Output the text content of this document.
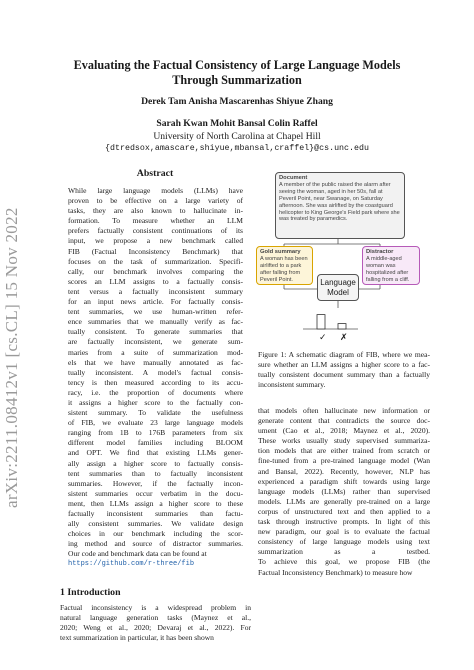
arXiv:2211.08412v1 [cs.CL] 15 Nov 2022
Evaluating the Factual Consistency of Large Language Models
Through Summarization
Derek Tam Anisha Mascarenhas Shiyue Zhang
Sarah Kwan Mohit Bansal Colin Raffel
University of North Carolina at Chapel Hill
{dtredsox,amascare,shiyue,mbansal,craffel}@cs.unc.edu
Abstract
While large language models (LLMs) have
proven to be effective on a large variety of
tasks, they are also known to hallucinate in-
formation. To measure whether an LLM
prefers factually consistent continuations of its
input, we propose a new benchmark called
FIB (Factual Inconsistency Benchmark) that
focuses on the task of summarization. Specifi-
cally, our benchmark involves comparing the
scores an LLM assigns to a factually consis-
tent versus a factually inconsistent summary
for an input news article. For factually consis-
tent summaries, we use human-written refer-
ence summaries that we manually verify as fac-
tually consistent. To generate summaries that
are factually inconsistent, we generate sum-
maries from a suite of summarization mod-
els that we have manually annotated as fac-
tually inconsistent. A model's factual consis-
tency is then measured according to its accu-
racy, i.e. the proportion of documents where
it assigns a higher score to the factually con-
sistent summary. To validate the usefulness
of FIB, we evaluate 23 large language models
ranging from 1B to 176B parameters from six
different model families including BLOOM
and OPT. We find that existing LLMs gener-
ally assign a higher score to factually consis-
tent summaries than to factually inconsistent
summaries. However, if the factually incon-
sistent summaries occur verbatim in the docu-
ment, then LLMs assign a higher score to these
factually inconsistent summaries than factu-
ally consistent summaries. We validate design
choices in our benchmark including the scor-
ing method and source of distractor summaries.
Our code and benchmark data can be found at
https://github.com/r-three/fib
1 Introduction
Factual inconsistency is a widespread problem in
natural language generation tasks (Maynez et al.,
2020; Weng et al., 2020; Devaraj et al., 2022). For
text summarization in particular, it has been shown
Document
A member of the public raised the alarm after seeing the woman, aged in her 50s, fall at Peveril Point, near Swanage, on Saturday afternoon. She was airlifted by the coastguard helicopter to King George's Field park where she was treated by paramedics.
Gold summary
A woman has been airlifted to a park after falling from Peveril Point.
Distractor
A middle-aged woman was hospitalized after falling from a cliff.
Language
Model
✓ ✗
Figure 1: A schematic diagram of FIB, where we mea-
sure whether an LLM assigns a higher score to a fac-
tually consistent document summary than a factually
inconsistent summary.
that models often hallucinate new information or
generate content that contradicts the source doc-
ument (Cao et al., 2018; Maynez et al., 2020).
These works usually study supervised summariza-
tion models that are either trained from scratch or
fine-tuned from a pre-trained language model (Wan
and Bansal, 2022). Recently, however, NLP has
experienced a paradigm shift towards using large
language models (LLMs) rather than supervised
models. LLMs are generally pre-trained on a large
corpus of unstructured text and then applied to a
task through instructive prompts. In light of this
new paradigm, our goal is to evaluate the factual
consistency of large language models using text
summarization as a testbed.
To achieve this goal, we propose FIB (the
Factual Inconsistency Benchmark) to measure how
